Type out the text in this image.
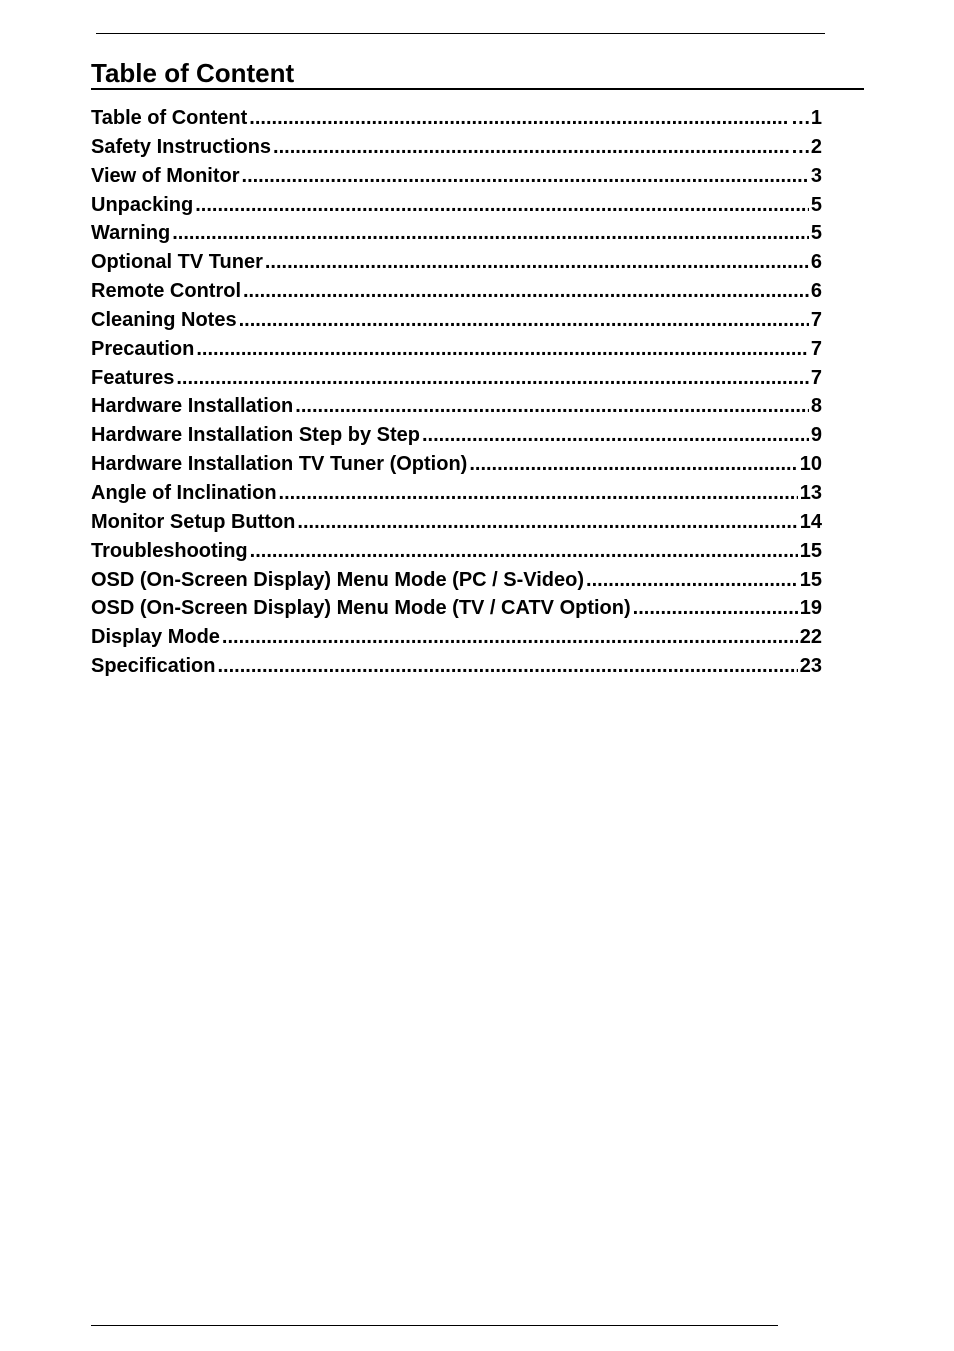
Table of Content
Table of Content .....	…1
Safety Instructions .....	…2
View of Monitor .....	3
Unpacking .....	5
Warning .....	5
Optional TV Tuner .....	6
Remote Control .....	6
Cleaning Notes .....	7
Precaution .....	7
Features .....	7
Hardware Installation .....	8
Hardware Installation Step by Step .....	9
Hardware Installation TV Tuner (Option) .....	10
Angle of Inclination .....	13
Monitor Setup Button .....	14
Troubleshooting .....	15
OSD (On-Screen Display) Menu Mode (PC / S-Video) .....	15
OSD (On-Screen Display) Menu Mode (TV / CATV Option) .....	19
Display Mode .....	22
Specification .....	23
